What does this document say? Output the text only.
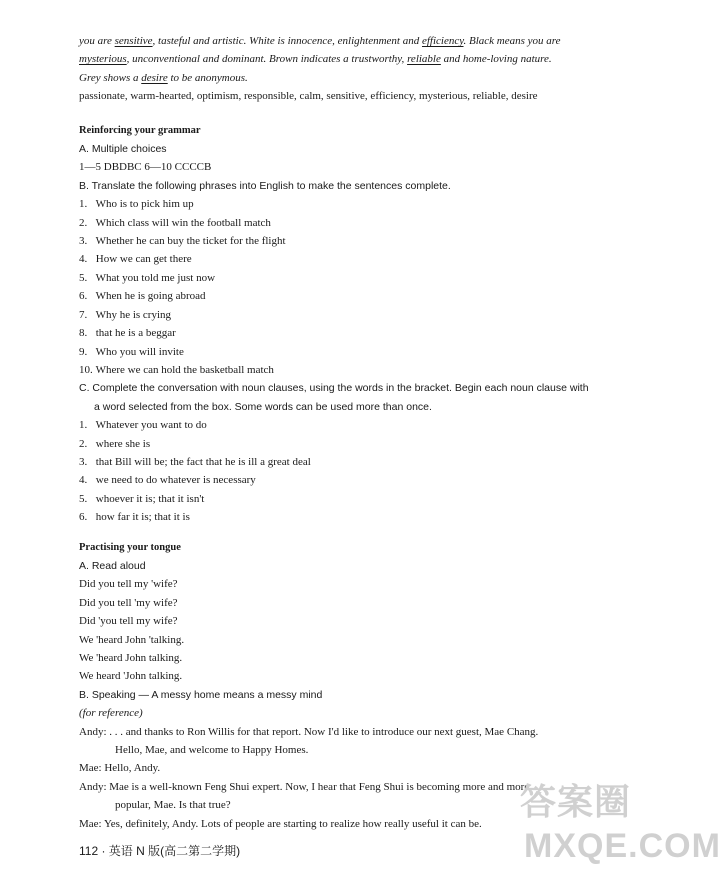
you are sensitive, tasteful and artistic. White is innocence, enlightenment and efficiency. Black means you are
mysterious, unconventional and dominant. Brown indicates a trustworthy, reliable and home-loving nature.
Grey shows a desire to be anonymous.
passionate, warm-hearted, optimism, responsible, calm, sensitive, efficiency, mysterious, reliable, desire
Reinforcing your grammar
A. Multiple choices
1—5 DBDBC 6—10 CCCCB
B. Translate the following phrases into English to make the sentences complete.
1. Who is to pick him up
2. Which class will win the football match
3. Whether he can buy the ticket for the flight
4. How we can get there
5. What you told me just now
6. When he is going abroad
7. Why he is crying
8. that he is a beggar
9. Who you will invite
10. Where we can hold the basketball match
C. Complete the conversation with noun clauses, using the words in the bracket. Begin each noun clause with
a word selected from the box. Some words can be used more than once.
1. Whatever you want to do
2. where she is
3. that Bill will be; the fact that he is ill a great deal
4. we need to do whatever is necessary
5. whoever it is; that it isn't
6. how far it is; that it is
Practising your tongue
A. Read aloud
Did you tell my 'wife?
Did you tell 'my wife?
Did 'you tell my wife?
We 'heard John 'talking.
We 'heard John talking.
We heard 'John talking.
B. Speaking — A messy home means a messy mind
(for reference)
Andy: . . . and thanks to Ron Willis for that report. Now I'd like to introduce our next guest, Mae Chang.
Hello, Mae, and welcome to Happy Homes.
Mae: Hello, Andy.
Andy: Mae is a well-known Feng Shui expert. Now, I hear that Feng Shui is becoming more and more
popular, Mae. Is that true?
Mae: Yes, definitely, Andy. Lots of people are starting to realize how really useful it can be.
112 · 英语 N 版(高二第二学期)
答案圈
MXQE.COM
